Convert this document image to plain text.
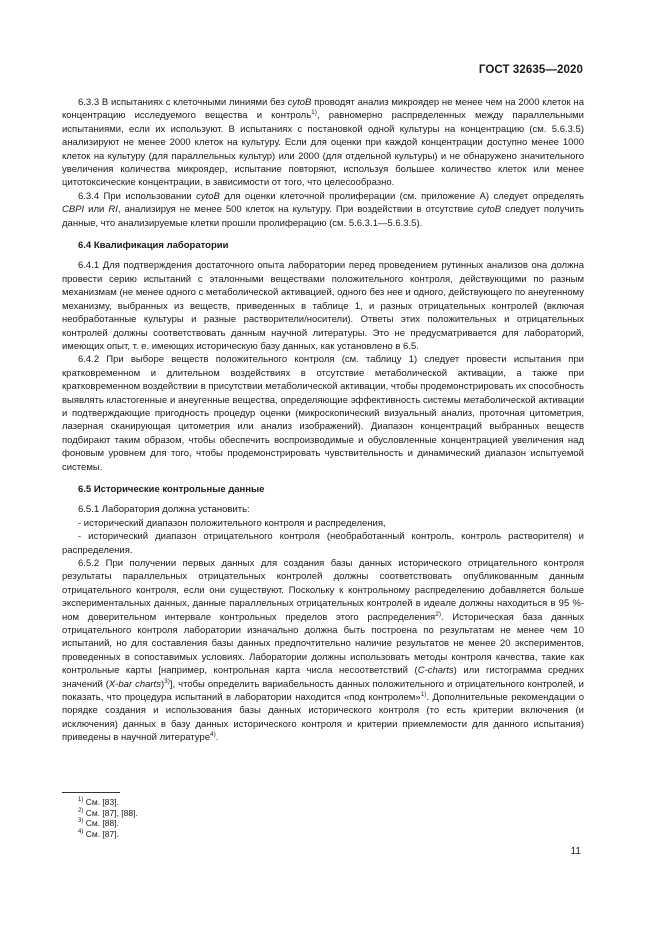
ГОСТ 32635—2020

6.3.3 В испытаниях с клеточными линиями без cytoB проводят анализ микроядер не менее чем на 2000 клеток на концентрацию исследуемого вещества и контроль$^{1)}$, равномерно распределенных между параллельными испытаниями, если их используют. В испытаниях с постановкой одной культуры на концентрацию (см. 5.6.3.5) анализируют не менее 2000 клеток на культуру. Если для оценки при каждой концентрации доступно менее 1000 клеток на культуру (для параллельных культур) или 2000 (для отдельной культуры) и не обнаружено значительного увеличения количества микроядер, испытание повторяют, используя большее количество клеток или менее цитотоксические концентрации, в зависимости от того, что целесообразно.

6.3.4 При использовании cytoB для оценки клеточной пролиферации (см. приложение А) следует определять CBPI или RI, анализируя не менее 500 клеток на культуру. При воздействии в отсутствие cytoB следует получить данные, что анализируемые клетки прошли пролиферацию (см. 5.6.3.1—5.6.3.5).

6.4 Квалификация лаборатории

6.4.1 Для подтверждения достаточного опыта лаборатории перед проведением рутинных анализов она должна провести серию испытаний с эталонными веществами положительного контроля, действующими по разным механизмам (не менее одного с метаболической активацией, одного без нее и одного, действующего по анеугенному механизму, выбранных из веществ, приведенных в таблице 1, и разных отрицательных контролей (включая необработанные культуры и разные растворители/носители). Ответы этих положительных и отрицательных контролей должны соответствовать данным научной литературы. Это не предусматривается для лабораторий, имеющих опыт, т. е. имеющих историческую базу данных, как установлено в 6.5.

6.4.2 При выборе веществ положительного контроля (см. таблицу 1) следует провести испытания при кратковременном и длительном воздействиях в отсутствие метаболической активации, а также при кратковременном воздействии в присутствии метаболической активации, чтобы продемонстрировать их способность выявлять кластогенные и анеугенные вещества, определяющие эффективность системы метаболической активации и подтверждающие пригодность процедур оценки (микроскопический визуальный анализ, проточная цитометрия, лазерная сканирующая цитометрия или анализ изображений). Диапазон концентраций выбранных веществ подбирают таким образом, чтобы обеспечить воспроизводимые и обусловленные концентрацией увеличения над фоновым уровнем для того, чтобы продемонстрировать чувствительность и динамический диапазон испытуемой системы.

6.5 Исторические контрольные данные

6.5.1 Лаборатория должна установить:

- исторический диапазон положительного контроля и распределения,

- исторический диапазон отрицательного контроля (необработанный контроль, контроль растворителя) и распределения.

6.5.2 При получении первых данных для создания базы данных исторического отрицательного контроля результаты параллельных отрицательных контролей должны соответствовать опубликованным данным отрицательного контроля, если они существуют. Поскольку к контрольному распределению добавляется больше экспериментальных данных, данные параллельных отрицательных контролей в идеале должны находиться в 95 %-ном доверительном интервале контрольных пределов этого распределения$^{2)}$. Историческая база данных отрицательного контроля лаборатории изначально должна быть построена по результатам не менее чем 10 испытаний, но для составления базы данных предпочтительно наличие результатов не менее 20 экспериментов, проведенных в сопоставимых условиях. Лаборатории должны использовать методы контроля качества, такие как контрольные карты [например, контрольная карта числа несоответствий (C-charts) или гистограмма средних значений (X-bar charts)$^{3)}$], чтобы определить вариабельность данных положительного и отрицательного контролей, и показать, что процедура испытаний в лаборатории находится «под контролем»$^{1)}$. Дополнительные рекомендации о порядке создания и использования базы данных исторического контроля (то есть критерии включения (и исключения) данных в базу данных исторического контроля и критерии приемлемости для данного испытания) приведены в научной литературе$^{4)}$.

$^{1)}$ См. [83].
$^{2)}$ См. [87], [88].
$^{3)}$ См. [88].
$^{4)}$ См. [87].
11
